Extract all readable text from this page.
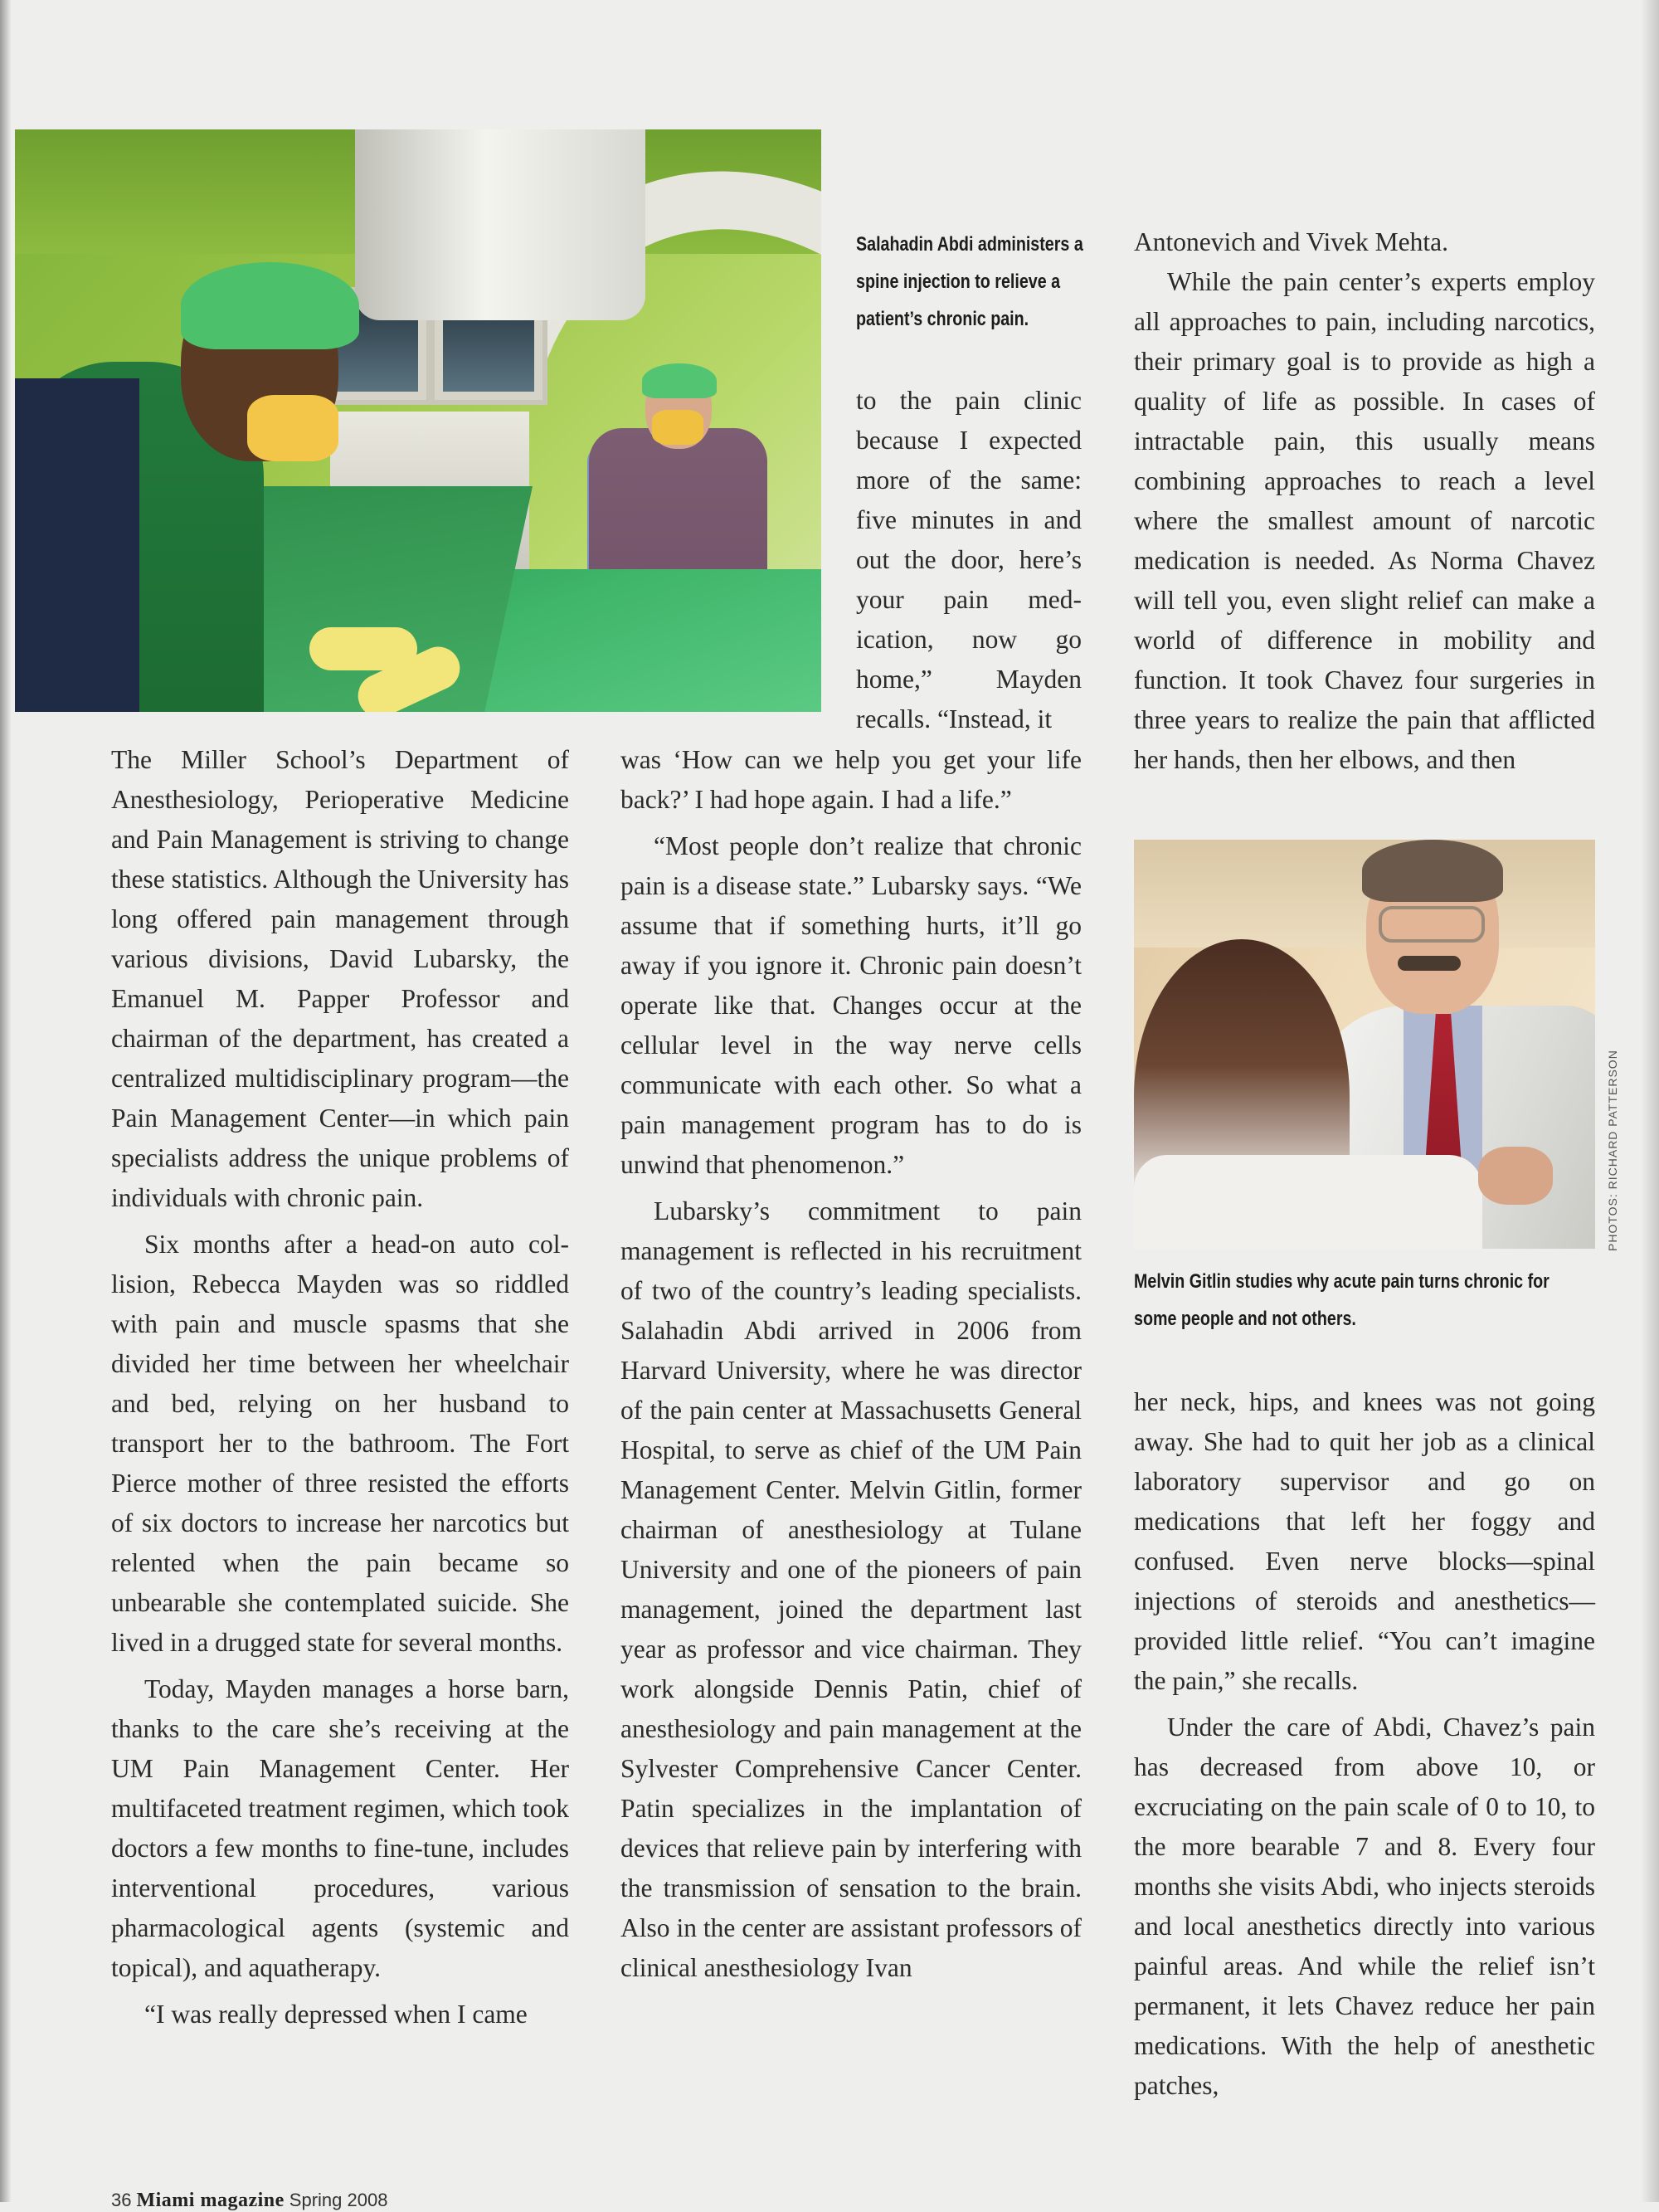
Salahadin Abdi administers a spine injection to relieve a patient’s chronic pain.
PHOTOS: RICHARD PATTERSON
Melvin Gitlin studies why acute pain turns chronic for some people and not others.

The Miller School’s Department of Anesthesiology, Perioperative Medicine and Pain Management is striving to change these statistics. Although the University has long offered pain management through various divisions, David Lubarsky, the Emanuel M. Papper Professor and chairman of the department, has created a centralized multidisciplinary program—the Pain Management Center—in which pain specialists address the unique problems of individuals with chronic pain.

Six months after a head-on auto collision, Rebecca Mayden was so riddled with pain and muscle spasms that she divided her time between her wheelchair and bed, relying on her husband to transport her to the bathroom. The Fort Pierce mother of three resisted the efforts of six doctors to increase her narcotics but relented when the pain became so unbearable she contemplated suicide. She lived in a drugged state for several months.

Today, Mayden manages a horse barn, thanks to the care she’s receiving at the UM Pain Management Center. Her multifaceted treatment regimen, which took doctors a few months to fine-tune, includes interventional procedures, various pharmacological agents (systemic and topical), and aquatherapy.

“I was really depressed when I came

to the pain clinic because I expected more of the same: five minutes in and out the door, here’s your pain medication, now go home,” Mayden recalls. “Instead, it

was ‘How can we help you get your life back?’ I had hope again. I had a life.”

“Most people don’t realize that chronic pain is a disease state.” Lubarsky says. “We assume that if something hurts, it’ll go away if you ignore it. Chronic pain doesn’t operate like that. Changes occur at the cellular level in the way nerve cells communicate with each other. So what a pain management program has to do is unwind that phenomenon.”

Lubarsky’s commitment to pain management is reflected in his recruitment of two of the country’s leading specialists. Salahadin Abdi arrived in 2006 from Harvard University, where he was director of the pain center at Massachusetts General Hospital, to serve as chief of the UM Pain Management Center. Melvin Gitlin, former chairman of anesthesiology at Tulane University and one of the pioneers of pain management, joined the department last year as professor and vice chairman. They work alongside Dennis Patin, chief of anesthesiology and pain management at the Sylvester Comprehensive Cancer Center. Patin specializes in the implantation of devices that relieve pain by interfering with the transmission of sensation to the brain. Also in the center are assistant professors of clinical anesthesiology Ivan

Antonevich and Vivek Mehta.

While the pain center’s experts employ all approaches to pain, including narcotics, their primary goal is to provide as high a quality of life as possible. In cases of intractable pain, this usually means combining approaches to reach a level where the smallest amount of narcotic medication is needed. As Norma Chavez will tell you, even slight relief can make a world of difference in mobility and function. It took Chavez four surgeries in three years to realize the pain that afflicted her hands, then her elbows, and then

her neck, hips, and knees was not going away. She had to quit her job as a clinical laboratory supervisor and go on medications that left her foggy and confused. Even nerve blocks—spinal injections of steroids and anesthetics—provided little relief. “You can’t imagine the pain,” she recalls.

Under the care of Abdi, Chavez’s pain has decreased from above 10, or excruciating on the pain scale of 0 to 10, to the more bearable 7 and 8. Every four months she visits Abdi, who injects steroids and local anesthetics directly into various painful areas. And while the relief isn’t permanent, it lets Chavez reduce her pain medications. With the help of anesthetic patches,

36 Miami magazine Spring 2008
